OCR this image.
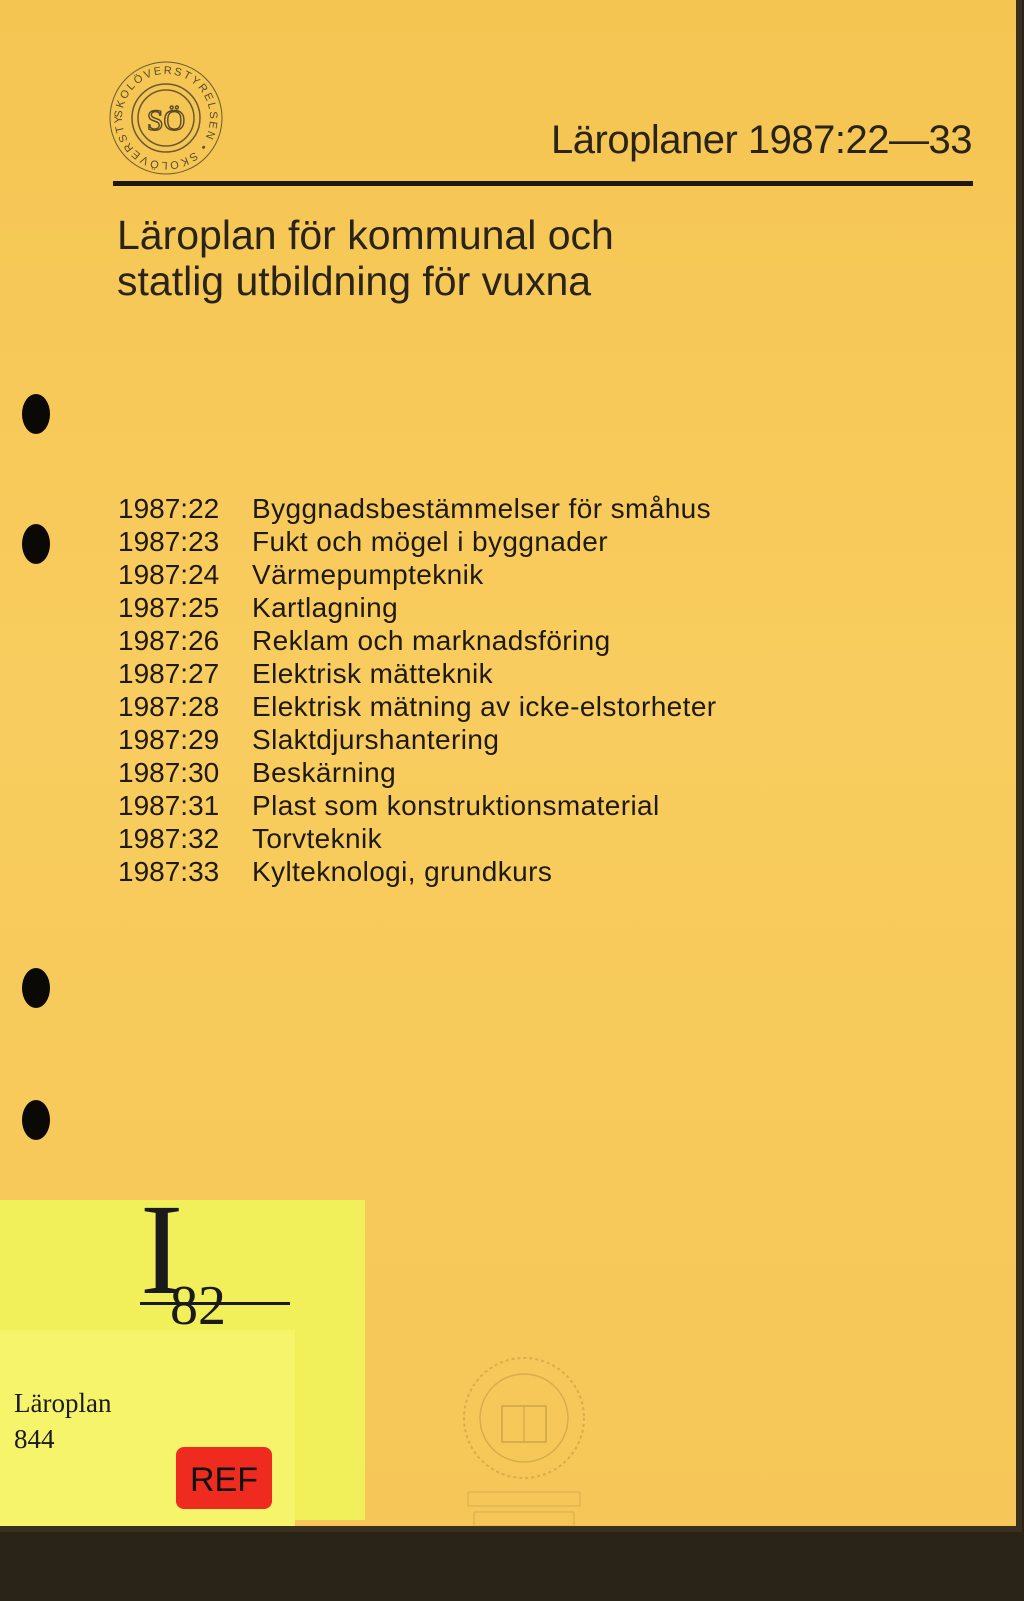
SKOLÖVERSTYRELSEN • SKOLÖVERSTY SÖ	Läroplaner 1987:22—33
Läroplan för kommunal och
statlig utbildning för vuxna
1987:22	Byggnadsbestämmelser för småhus
1987:23	Fukt och mögel i byggnader
1987:24	Värmepumpteknik
1987:25	Kartlagning
1987:26	Reklam och marknadsföring
1987:27	Elektrisk mätteknik
1987:28	Elektrisk mätning av icke-elstorheter
1987:29	Slaktdjurshantering
1987:30	Beskärning
1987:31	Plast som konstruktionsmaterial
1987:32	Torvteknik
1987:33	Kylteknologi, grundkurs
I
82
Läroplan
844
REF
